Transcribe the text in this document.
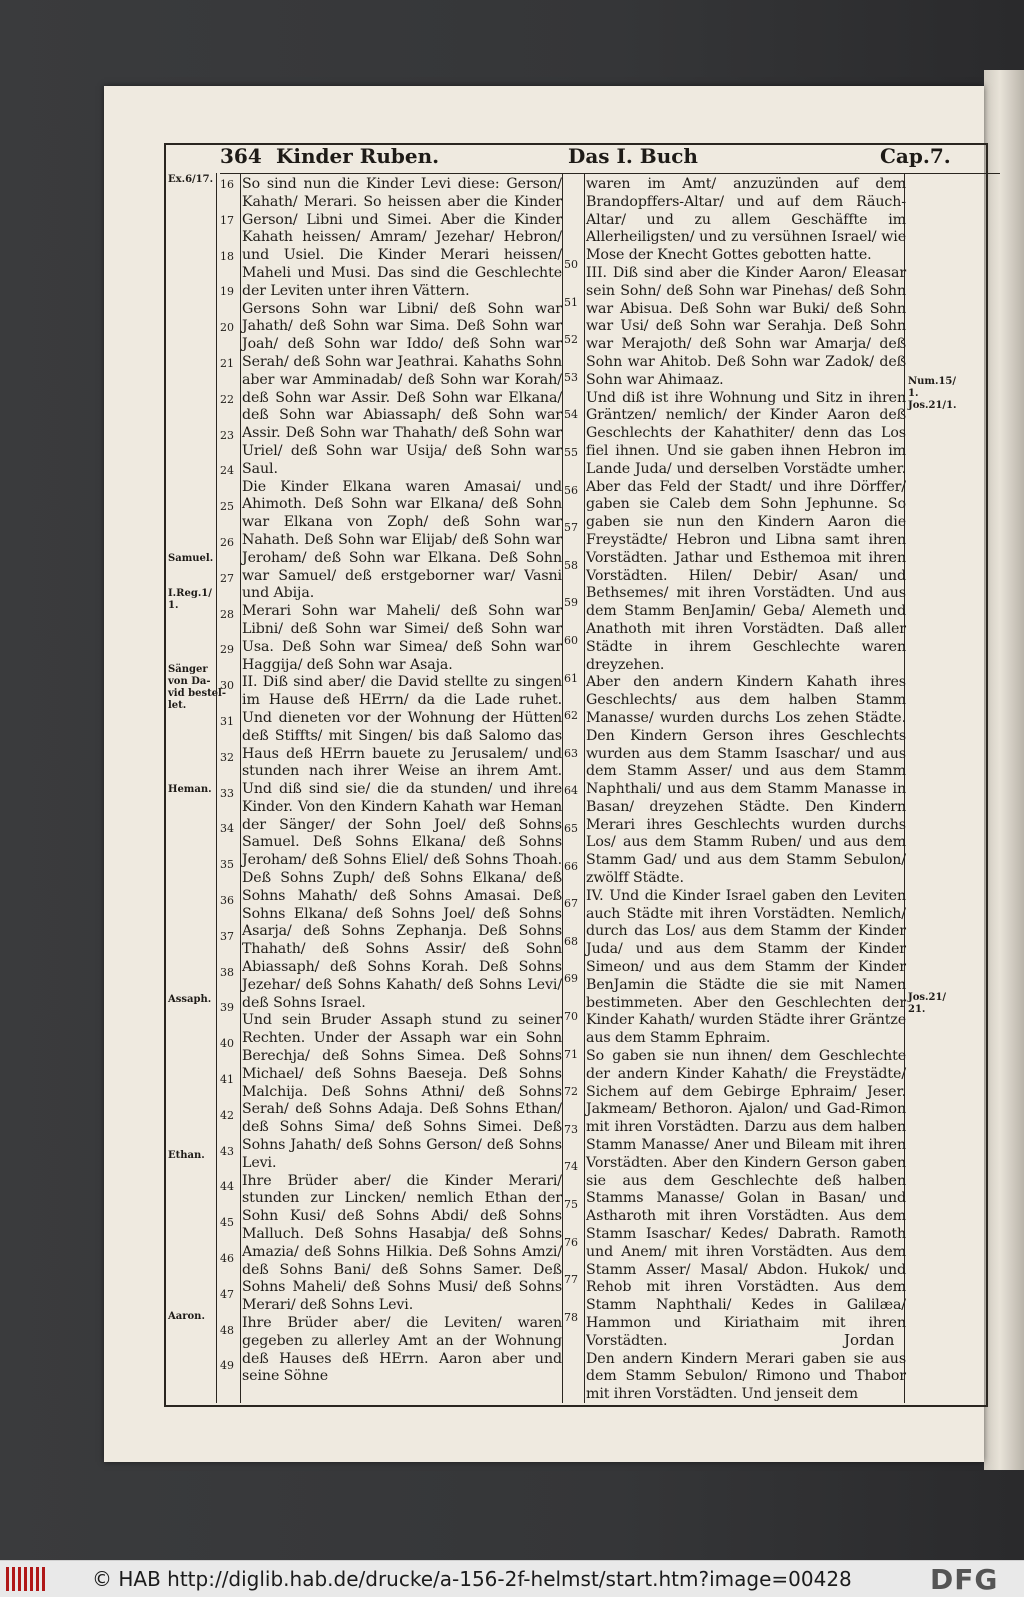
364 Kinder Ruben.	Das I. Buch	Cap.7.
Ex.6/17.
Samuel.
I.Reg.1/
1.
Sänger
von Da-
vid bestel-
let.
Heman.
Assaph.
Ethan.
Aaron.
Num.15/
1.
Jos.21/1.
Jos.21/
21.
16
17
18
19
20
21
22
23
24
25
26
27
28
29
30
31
32
33
34
35
36
37
38
39
40
41
42
43
44
45
46
47
48
49
50
51
52
53
54
55
56
57
58
59
60
61
62
63
64
65
66
67
68
69
70
71
72
73
74
75
76
77
78

So sind nun die Kinder Levi diese: Gerson/ Kahath/ Merari. So heissen aber die Kinder Gerson/ Libni und Simei. Aber die Kinder Kahath heissen/ Amram/ Jezehar/ Hebron/ und Usiel. Die Kinder Merari heissen/ Maheli und Musi. Das sind die Geschlechte der Leviten unter ihren Vättern.
Gersons Sohn war Libni/ deß Sohn war Jahath/ deß Sohn war Sima. Deß Sohn war Joah/ deß Sohn war Iddo/ deß Sohn war Serah/ deß Sohn war Jeathrai. Kahaths Sohn aber war Amminadab/ deß Sohn war Korah/ deß Sohn war Assir. Deß Sohn war Elkana/ deß Sohn war Abiassaph/ deß Sohn war Assir. Deß Sohn war Thahath/ deß Sohn war Uriel/ deß Sohn war Usija/ deß Sohn war Saul.
Die Kinder Elkana waren Amasai/ und Ahimoth. Deß Sohn war Elkana/ deß Sohn war Elkana von Zoph/ deß Sohn war Nahath. Deß Sohn war Elijab/ deß Sohn war Jeroham/ deß Sohn war Elkana. Deß Sohn war Samuel/ deß erstgeborner war/ Vasni und Abija.
Merari Sohn war Maheli/ deß Sohn war Libni/ deß Sohn war Simei/ deß Sohn war Usa. Deß Sohn war Simea/ deß Sohn war Haggija/ deß Sohn war Asaja.
II. Diß sind aber/ die David stellte zu singen im Hause deß HErrn/ da die Lade ruhet. Und dieneten vor der Wohnung der Hütten deß Stiffts/ mit Singen/ bis daß Salomo das Haus deß HErrn bauete zu Jerusalem/ und stunden nach ihrer Weise an ihrem Amt. Und diß sind sie/ die da stunden/ und ihre Kinder. Von den Kindern Kahath war Heman der Sänger/ der Sohn Joel/ deß Sohns Samuel. Deß Sohns Elkana/ deß Sohns Jeroham/ deß Sohns Eliel/ deß Sohns Thoah. Deß Sohns Zuph/ deß Sohns Elkana/ deß Sohns Mahath/ deß Sohns Amasai. Deß Sohns Elkana/ deß Sohns Joel/ deß Sohns Asarja/ deß Sohns Zephanja. Deß Sohns Thahath/ deß Sohns Assir/ deß Sohn Abiassaph/ deß Sohns Korah. Deß Sohns Jezehar/ deß Sohns Kahath/ deß Sohns Levi/ deß Sohns Israel.
Und sein Bruder Assaph stund zu seiner Rechten. Under der Assaph war ein Sohn Berechja/ deß Sohns Simea. Deß Sohns Michael/ deß Sohns Baeseja. Deß Sohns Malchija. Deß Sohns Athni/ deß Sohns Serah/ deß Sohns Adaja. Deß Sohns Ethan/ deß Sohns Sima/ deß Sohns Simei. Deß Sohns Jahath/ deß Sohns Gerson/ deß Sohns Levi.
Ihre Brüder aber/ die Kinder Merari/ stunden zur Lincken/ nemlich Ethan der Sohn Kusi/ deß Sohns Abdi/ deß Sohns Malluch. Deß Sohns Hasabja/ deß Sohns Amazia/ deß Sohns Hilkia. Deß Sohns Amzi/ deß Sohns Bani/ deß Sohns Samer. Deß Sohns Maheli/ deß Sohns Musi/ deß Sohns Merari/ deß Sohns Levi.
Ihre Brüder aber/ die Leviten/ waren gegeben zu allerley Amt an der Wohnung deß Hauses deß HErrn. Aaron aber und seine Söhne

waren im Amt/ anzuzünden auf dem Brandopffers-Altar/ und auf dem Räuch-Altar/ und zu allem Geschäffte im Allerheiligsten/ und zu versühnen Israel/ wie Mose der Knecht Gottes gebotten hatte.
III. Diß sind aber die Kinder Aaron/ Eleasar sein Sohn/ deß Sohn war Pinehas/ deß Sohn war Abisua. Deß Sohn war Buki/ deß Sohn war Usi/ deß Sohn war Serahja. Deß Sohn war Merajoth/ deß Sohn war Amarja/ deß Sohn war Ahitob. Deß Sohn war Zadok/ deß Sohn war Ahimaaz.
Und diß ist ihre Wohnung und Sitz in ihren Gräntzen/ nemlich/ der Kinder Aaron deß Geschlechts der Kahathiter/ denn das Los fiel ihnen. Und sie gaben ihnen Hebron im Lande Juda/ und derselben Vorstädte umher. Aber das Feld der Stadt/ und ihre Dörffer/ gaben sie Caleb dem Sohn Jephunne. So gaben sie nun den Kindern Aaron die Freystädte/ Hebron und Libna samt ihren Vorstädten. Jathar und Esthemoa mit ihren Vorstädten. Hilen/ Debir/ Asan/ und Bethsemes/ mit ihren Vorstädten. Und aus dem Stamm BenJamin/ Geba/ Alemeth und Anathoth mit ihren Vorstädten. Daß aller Städte in ihrem Geschlechte waren dreyzehen.
Aber den andern Kindern Kahath ihres Geschlechts/ aus dem halben Stamm Manasse/ wurden durchs Los zehen Städte. Den Kindern Gerson ihres Geschlechts wurden aus dem Stamm Isaschar/ und aus dem Stamm Asser/ und aus dem Stamm Naphthali/ und aus dem Stamm Manasse in Basan/ dreyzehen Städte. Den Kindern Merari ihres Geschlechts wurden durchs Los/ aus dem Stamm Ruben/ und aus dem Stamm Gad/ und aus dem Stamm Sebulon/ zwölff Städte.
IV. Und die Kinder Israel gaben den Leviten auch Städte mit ihren Vorstädten. Nemlich/ durch das Los/ aus dem Stamm der Kinder Juda/ und aus dem Stamm der Kinder Simeon/ und aus dem Stamm der Kinder BenJamin die Städte die sie mit Namen bestimmeten. Aber den Geschlechten der Kinder Kahath/ wurden Städte ihrer Gräntze aus dem Stamm Ephraim.
So gaben sie nun ihnen/ dem Geschlechte der andern Kinder Kahath/ die Freystädte/ Sichem auf dem Gebirge Ephraim/ Jeser. Jakmeam/ Bethoron. Ajalon/ und Gad-Rimon mit ihren Vorstädten. Darzu aus dem halben Stamm Manasse/ Aner und Bileam mit ihren Vorstädten. Aber den Kindern Gerson gaben sie aus dem Geschlechte deß halben Stamms Manasse/ Golan in Basan/ und Astharoth mit ihren Vorstädten. Aus dem Stamm Isaschar/ Kedes/ Dabrath. Ramoth und Anem/ mit ihren Vorstädten. Aus dem Stamm Asser/ Masal/ Abdon. Hukok/ und Rehob mit ihren Vorstädten. Aus dem Stamm Naphthali/ Kedes in Galilæa/ Hammon und Kiriathaim mit ihren Vorstädten.
Den andern Kindern Merari gaben sie aus dem Stamm Sebulon/ Rimono und Thabor mit ihren Vorstädten. Und jenseit dem

Jordan
© HAB http://diglib.hab.de/drucke/a-156-2f-helmst/start.htm?image=00428	DFG
